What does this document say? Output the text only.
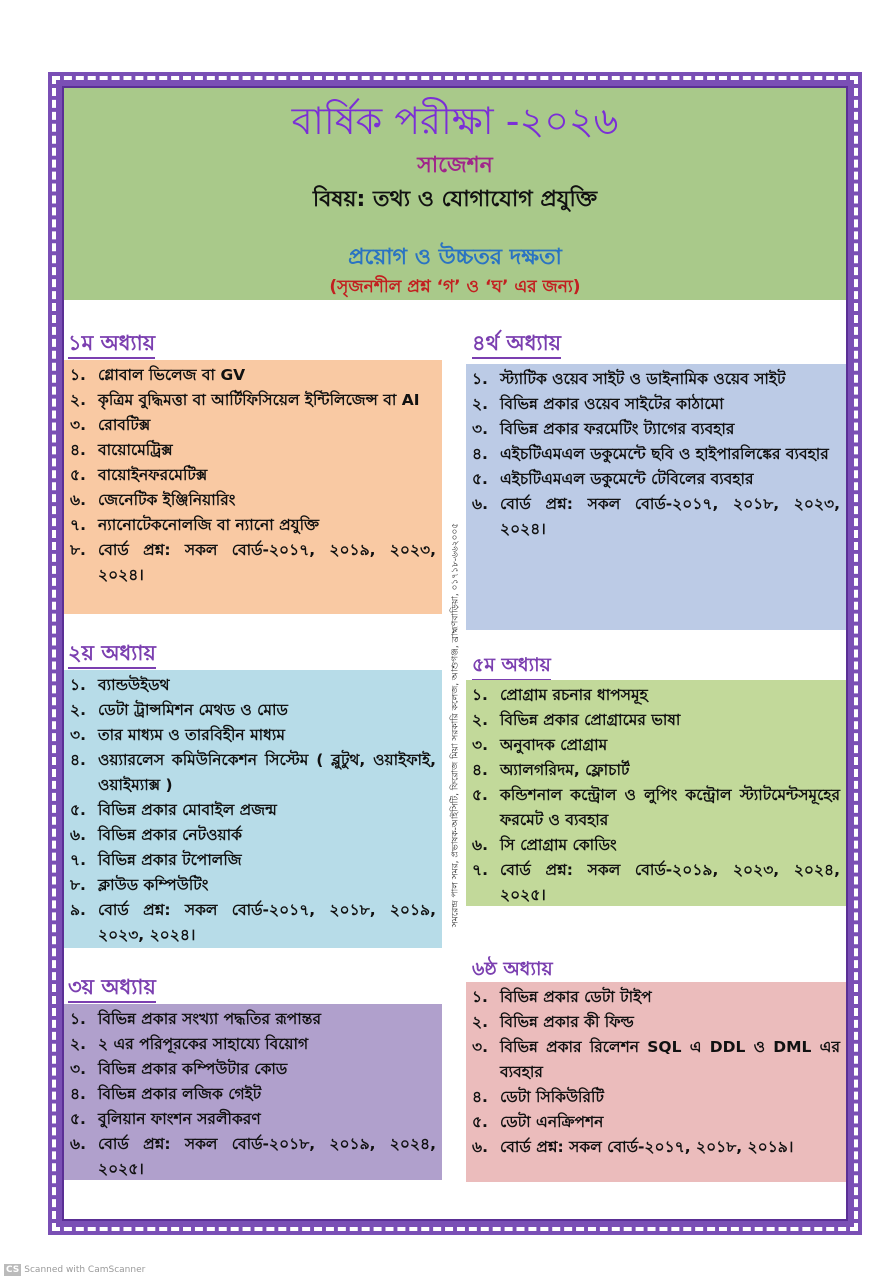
বার্ষিক পরীক্ষা -২০২৬
সাজেশন
বিষয়: তথ্য ও যোগাযোগ প্রযুক্তি
প্রয়োগ ও উচ্চতর দক্ষতা
(সৃজনশীল প্রশ্ন ‘গ’ ও ‘ঘ’ এর জন্য)
১ম অধ্যায়
১. গ্লোবাল ভিলেজ বা GV
২. কৃত্রিম বুদ্ধিমত্তা বা আর্টিফিসিয়েল ইন্টিলিজেন্স বা AI
৩. রোবটিক্স
৪. বায়োমেট্রিক্স
৫. বায়োইনফরমেটিক্স
৬. জেনেটিক ইঞ্জিনিয়ারিং
৭. ন্যানোটেকনোলজি বা ন্যানো প্রযুক্তি
৮. বোর্ড প্রশ্ন: সকল বোর্ড-২০১৭, ২০১৯, ২০২৩, ২০২৪।
২য় অধ্যায়
১. ব্যান্ডউইডথ
২. ডেটা ট্রান্সমিশন মেথড ও মোড
৩. তার মাধ্যম ও তারবিহীন মাধ্যম
৪. ওয়্যারলেস কমিউনিকেশন সিস্টেম ( ব্লুটুথ, ওয়াইফাই, ওয়াইম্যাক্স )
৫. বিভিন্ন প্রকার মোবাইল প্রজন্ম
৬. বিভিন্ন প্রকার নেটওয়ার্ক
৭. বিভিন্ন প্রকার টপোলজি
৮. ক্লাউড কম্পিউটিং
৯. বোর্ড প্রশ্ন: সকল বোর্ড-২০১৭, ২০১৮, ২০১৯, ২০২৩, ২০২৪।
৩য় অধ্যায়
১. বিভিন্ন প্রকার সংখ্যা পদ্ধতির রূপান্তর
২. ২ এর পরিপূরকের সাহায্যে বিয়োগ
৩. বিভিন্ন প্রকার কম্পিউটার কোড
৪. বিভিন্ন প্রকার লজিক গেইট
৫. বুলিয়ান ফাংশন সরলীকরণ
৬. বোর্ড প্রশ্ন: সকল বোর্ড-২০১৮, ২০১৯, ২০২৪, ২০২৫।
৪র্থ অধ্যায়
১. স্ট্যাটিক ওয়েব সাইট ও ডাইনামিক ওয়েব সাইট
২. বিভিন্ন প্রকার ওয়েব সাইটের কাঠামো
৩. বিভিন্ন প্রকার ফরমেটিং ট্যাগের ব্যবহার
৪. এইচটিএমএল ডকুমেন্টে ছবি ও হাইপারলিঙ্কের ব্যবহার
৫. এইচটিএমএল ডকুমেন্টে টেবিলের ব্যবহার
৬. বোর্ড প্রশ্ন: সকল বোর্ড-২০১৭, ২০১৮, ২০২৩, ২০২৪।
৫ম অধ্যায়
১. প্রোগ্রাম রচনার ধাপসমূহ
২. বিভিন্ন প্রকার প্রোগ্রামের ভাষা
৩. অনুবাদক প্রোগ্রাম
৪. অ্যালগরিদম, ফ্লোচার্ট
৫. কন্ডিশনাল কন্ট্রোল ও লুপিং কন্ট্রোল স্ট্যাটমেন্টসমূহের ফরমেট ও ব্যবহার
৬. সি প্রোগ্রাম কোডিং
৭. বোর্ড প্রশ্ন: সকল বোর্ড-২০১৯, ২০২৩, ২০২৪, ২০২৫।
৬ষ্ঠ অধ্যায়
১. বিভিন্ন প্রকার ডেটা টাইপ
২. বিভিন্ন প্রকার কী ফিল্ড
৩. বিভিন্ন প্রকার রিলেশন SQL এ DDL ও DML এর ব্যবহার
৪. ডেটা সিকিউরিটি
৫. ডেটা এনক্রিপশন
৬. বোর্ড প্রশ্ন: সকল বোর্ড-২০১৭, ২০১৮, ২০১৯।
সমরেন্দ্র পাল সমর, প্রভাষক-আইসিটি, ফিরোজ মিয়া সরকারি কলেজ, আশুগঞ্জ, ব্রাহ্মণবাড়িয়া, ০১৭১৮-৬৬২০০৫
CS Scanned with CamScanner
